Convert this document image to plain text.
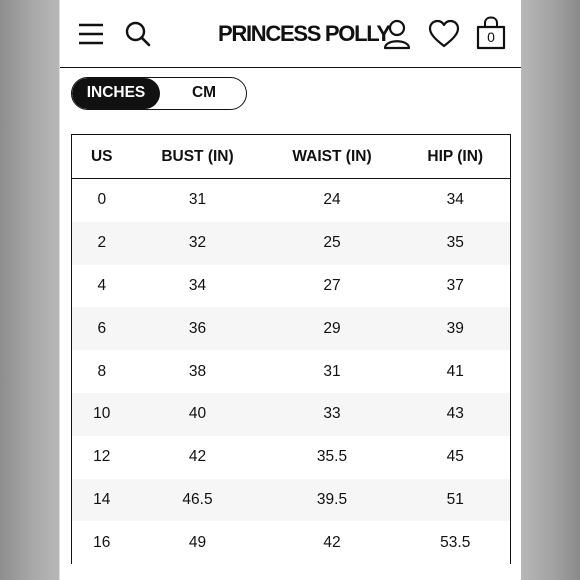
PRINCESS POLLY	0
INCHES	CM
US	BUST (IN)	WAIST (IN)	HIP (IN)
0	31	24	34
2	32	25	35
4	34	27	37
6	36	29	39
8	38	31	41
10	40	33	43
12	42	35.5	45
14	46.5	39.5	51
16	49	42	53.5
